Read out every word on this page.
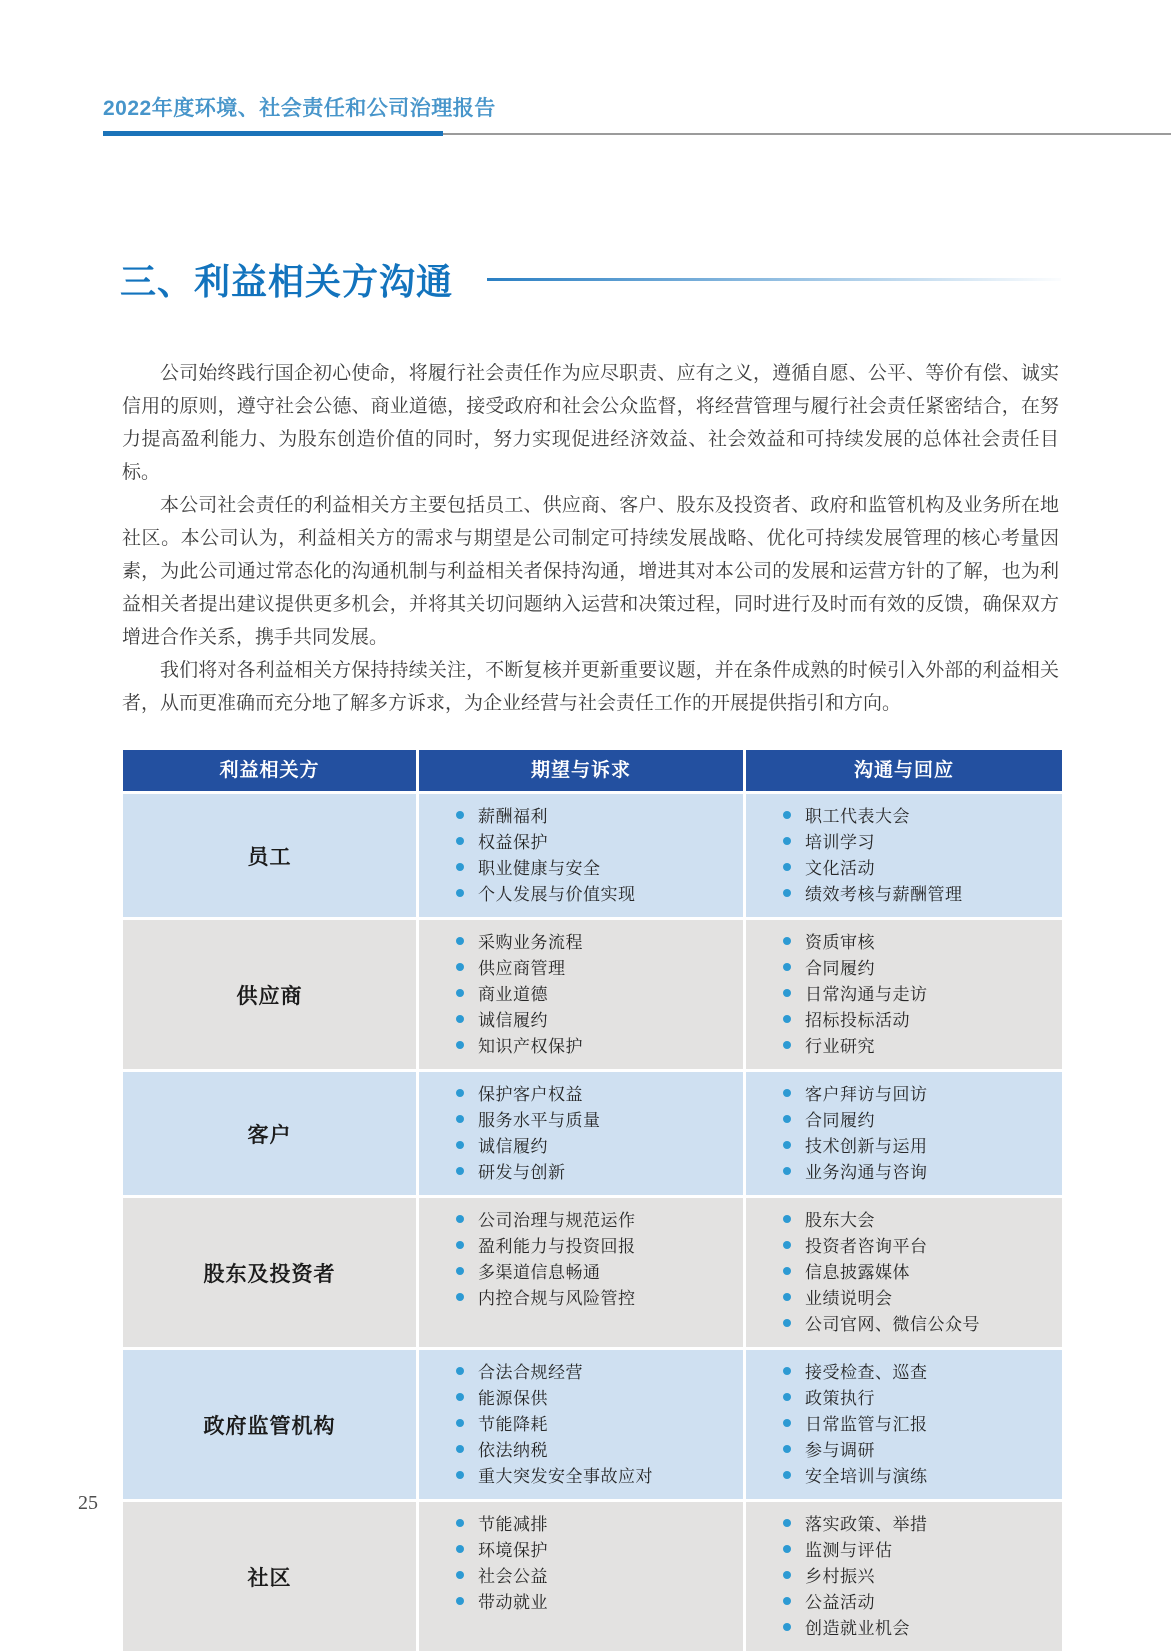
2022年度环境、社会责任和公司治理报告
三、利益相关方沟通

公司始终践行国企初心使命，将履行社会责任作为应尽职责、应有之义，遵循自愿、公平、等价有偿、诚实信用的原则，遵守社会公德、商业道德，接受政府和社会公众监督，将经营管理与履行社会责任紧密结合，在努力提高盈利能力、为股东创造价值的同时，努力实现促进经济效益、社会效益和可持续发展的总体社会责任目标。

本公司社会责任的利益相关方主要包括员工、供应商、客户、股东及投资者、政府和监管机构及业务所在地社区。本公司认为，利益相关方的需求与期望是公司制定可持续发展战略、优化可持续发展管理的核心考量因素，为此公司通过常态化的沟通机制与利益相关者保持沟通，增进其对本公司的发展和运营方针的了解，也为利益相关者提出建议提供更多机会，并将其关切问题纳入运营和决策过程，同时进行及时而有效的反馈，确保双方增进合作关系，携手共同发展。

我们将对各利益相关方保持持续关注，不断复核并更新重要议题，并在条件成熟的时候引入外部的利益相关者，从而更准确而充分地了解多方诉求，为企业经营与社会责任工作的开展提供指引和方向。

利益相关方	期望与诉求	沟通与回应
员工
薪酬福利
权益保护
职业健康与安全
个人发展与价值实现
职工代表大会
培训学习
文化活动
绩效考核与薪酬管理
供应商
采购业务流程
供应商管理
商业道德
诚信履约
知识产权保护
资质审核
合同履约
日常沟通与走访
招标投标活动
行业研究
客户
保护客户权益
服务水平与质量
诚信履约
研发与创新
客户拜访与回访
合同履约
技术创新与运用
业务沟通与咨询
股东及投资者
公司治理与规范运作
盈利能力与投资回报
多渠道信息畅通
内控合规与风险管控
股东大会
投资者咨询平台
信息披露媒体
业绩说明会
公司官网、微信公众号
政府监管机构
合法合规经营
能源保供
节能降耗
依法纳税
重大突发安全事故应对
接受检查、巡查
政策执行
日常监管与汇报
参与调研
安全培训与演练
社区
节能减排
环境保护
社会公益
带动就业
落实政策、举措
监测与评估
乡村振兴
公益活动
创造就业机会
25
